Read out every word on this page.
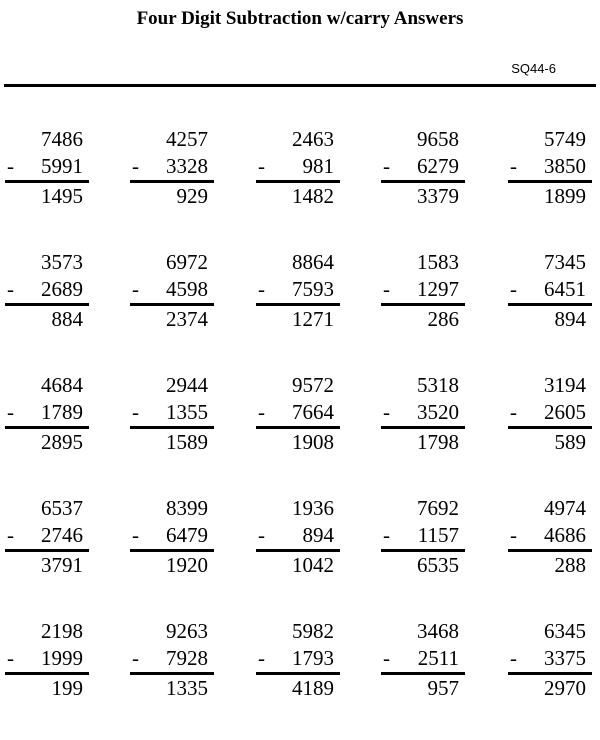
Four Digit Subtraction w/carry Answers
SQ44-6
7486
- 5991
1495
4257
- 3328
929
2463
- 981
1482
9658
- 6279
3379
5749
- 3850
1899
3573
- 2689
884
6972
- 4598
2374
8864
- 7593
1271
1583
- 1297
286
7345
- 6451
894
4684
- 1789
2895
2944
- 1355
1589
9572
- 7664
1908
5318
- 3520
1798
3194
- 2605
589
6537
- 2746
3791
8399
- 6479
1920
1936
- 894
1042
7692
- 1157
6535
4974
- 4686
288
2198
- 1999
199
9263
- 7928
1335
5982
- 1793
4189
3468
- 2511
957
6345
- 3375
2970
